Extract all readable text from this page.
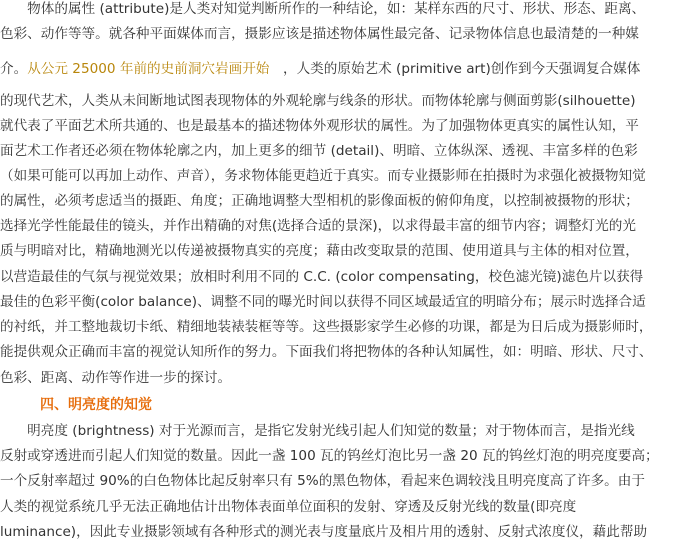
　　物体的属性 (attribute)是人类对知觉判断所作的一种结论，如：某样东西的尺寸、形状、形态、距离、
色彩、动作等等。就各种平面媒体而言，摄影应该是描述物体属性最完备、记录物体信息也最清楚的一种媒
介。从公元 25000 年前的史前洞穴岩画开始　，人类的原始艺术 (primitive art)创作到今天强调复合媒体
的现代艺术，人类从未间断地试图表现物体的外观轮廓与线条的形状。而物体轮廓与侧面剪影(silhouette)
就代表了平面艺术所共通的、也是最基本的描述物体外观形状的属性。为了加强物体更真实的属性认知，平
面艺术工作者还必须在物体轮廓之内，加上更多的细节 (detail)、明暗、立体纵深、透视、丰富多样的色彩
（如果可能可以再加上动作、声音），务求物体能更趋近于真实。而专业摄影师在拍摄时为求强化被摄物知觉
的属性，必须考虑适当的摄距、角度；正确地调整大型相机的影像面板的俯仰角度，以控制被摄物的形状；
选择光学性能最佳的镜头，并作出精确的对焦(选择合适的景深)，以求得最丰富的细节内容；调整灯光的光
质与明暗对比，精确地测光以传递被摄物真实的亮度；藉由改变取景的范围、使用道具与主体的相对位置，
以营造最佳的气氛与视觉效果；放相时利用不同的 C.C. (color compensating，校色滤光镜)滤色片以获得
最佳的色彩平衡(color balance)、调整不同的曝光时间以获得不同区域最适宜的明暗分布；展示时选择合适
的衬纸，并工整地裁切卡纸、精细地装裱装框等等。这些摄影家学生必修的功课，都是为日后成为摄影师时，
能提供观众正确而丰富的视觉认知所作的努力。下面我们将把物体的各种认知属性，如：明暗、形状、尺寸、
色彩、距离、动作等作进一步的探讨。
四、明亮度的知觉
　　明亮度 (brightness) 对于光源而言，是指它发射光线引起人们知觉的数量；对于物体而言，是指光线
反射或穿透进而引起人们知觉的数量。因此一盏 100 瓦的钨丝灯泡比另一盏 20 瓦的钨丝灯泡的明亮度要高；
一个反射率超过 90%的白色物体比起反射率只有 5%的黑色物体，看起来色调较浅且明亮度高了许多。由于
人类的视觉系统几乎无法正确地估计出物体表面单位面积的发射、穿透及反射光线的数量(即亮度
luminance)，因此专业摄影领域有各种形式的测光表与度量底片及相片用的透射、反射式浓度仪，藉此帮助
